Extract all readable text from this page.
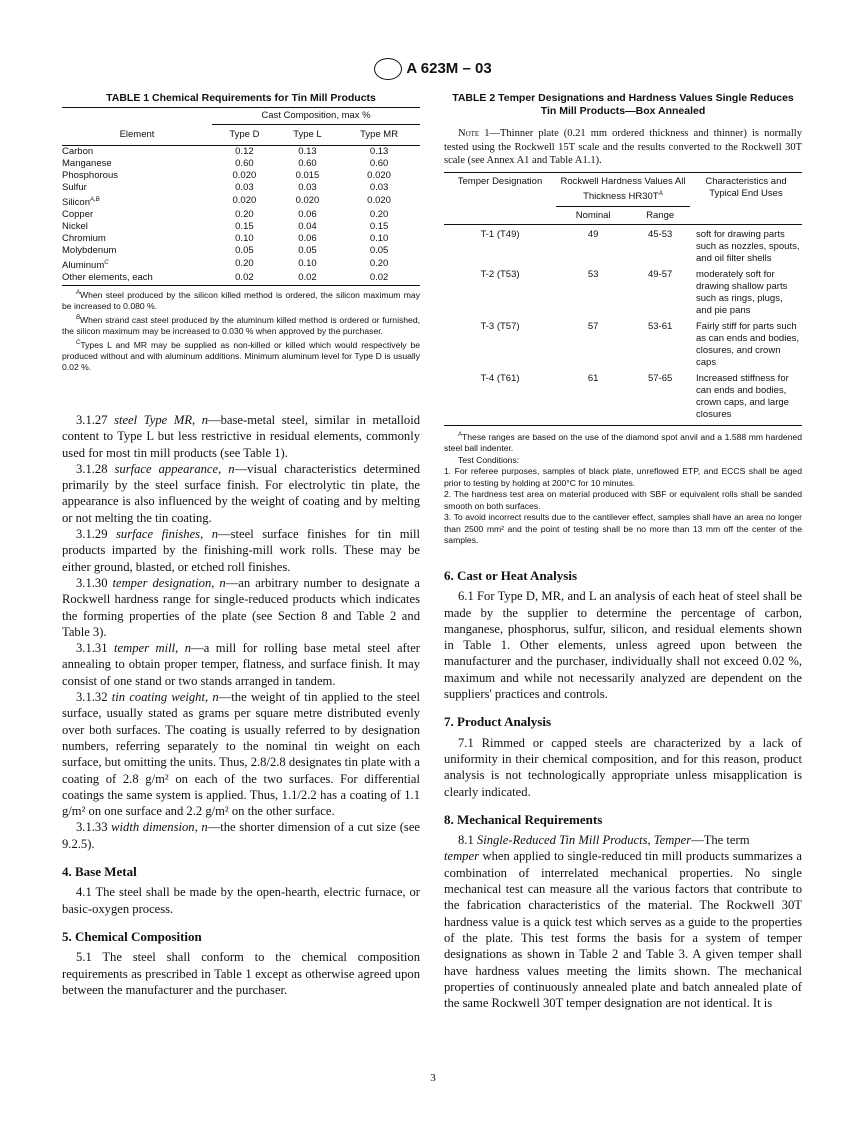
A 623M – 03
TABLE 1 Chemical Requirements for Tin Mill Products
	Cast Composition, max %		
Element	Type D	Type L	Type MR
Carbon	0.12	0.13	0.13
Manganese	0.60	0.60	0.60
Phosphorous	0.020	0.015	0.020
Sulfur	0.03	0.03	0.03
Silicon$^{A,B}$	0.020	0.020	0.020
Copper	0.20	0.06	0.20
Nickel	0.15	0.04	0.15
Chromium	0.10	0.06	0.10
Molybdenum	0.05	0.05	0.05
Aluminum$^C$	0.20	0.10	0.20
Other elements, each	0.02	0.02	0.02

$^A$When steel produced by the silicon killed method is ordered, the silicon maximum may be increased to 0.080 %.

$^B$When strand cast steel produced by the aluminum killed method is ordered or furnished, the silicon maximum may be increased to 0.030 % when approved by the purchaser.

$^C$Types L and MR may be supplied as non-killed or killed which would respectively be produced without and with aluminum additions. Minimum aluminum level for Type D is usually 0.02 %.

TABLE 2 Temper Designations and Hardness Values Single Reduces Tin Mill Products—Box Annealed
Note 1—Thinner plate (0.21 mm ordered thickness and thinner) is normally tested using the Rockwell 15T scale and the results converted to the Rockwell 30T scale (see Annex A1 and Table A1.1).
Temper Designation	Rockwell Hardness Values All Thickness $HR30T^A$		Characteristics and Typical End Uses
	Nominal	Range	
T-1 (T49)	49	45-53	soft for drawing parts such as nozzles, spouts, and oil filter shells
T-2 (T53)	53	49-57	moderately soft for drawing shallow parts such as rings, plugs, and pie pans
T-3 (T57)	57	53-61	Fairly stiff for parts such as can ends and bodies, closures, and crown caps
T-4 (T61)	61	57-65	Increased stiffness for can ends and bodies, crown caps, and large closures

$^A$These ranges are based on the use of the diamond spot anvil and a 1.588 mm hardened steel ball indenter.

Test Conditions:

1. For referee purposes, samples of black plate, unreflowed ETP, and ECCS shall be aged prior to testing by holding at 200°C for 10 minutes.

2. The hardness test area on material produced with SBF or equivalent rolls shall be sanded smooth on both surfaces.

3. To avoid incorrect results due to the cantilever effect, samples shall have an area no longer than 2500 mm² and the point of testing shall be no more than 13 mm off the center of the samples.

3.1.27 steel Type MR, n—base-metal steel, similar in metalloid content to Type L but less restrictive in residual elements, commonly used for most tin mill products (see Table 1).

3.1.28 surface appearance, n—visual characteristics determined primarily by the steel surface finish. For electrolytic tin plate, the appearance is also influenced by the weight of coating and by melting or not melting the tin coating.

3.1.29 surface finishes, n—steel surface finishes for tin mill products imparted by the finishing-mill work rolls. These may be either ground, blasted, or etched roll finishes.

3.1.30 temper designation, n—an arbitrary number to designate a Rockwell hardness range for single-reduced products which indicates the forming properties of the plate (see Section 8 and Table 2 and Table 3).

3.1.31 temper mill, n—a mill for rolling base metal steel after annealing to obtain proper temper, flatness, and surface finish. It may consist of one stand or two stands arranged in tandem.

3.1.32 tin coating weight, n—the weight of tin applied to the steel surface, usually stated as grams per square metre distributed evenly over both surfaces. The coating is usually referred to by designation numbers, referring separately to the nominal tin weight on each surface, but omitting the units. Thus, 2.8/2.8 designates tin plate with a coating of 2.8 g/m² on each of the two surfaces. For differential coatings the same system is applied. Thus, 1.1/2.2 has a coating of 1.1 g/m² on one surface and 2.2 g/m² on the other surface.

3.1.33 width dimension, n—the shorter dimension of a cut size (see 9.2.5).

4. Base Metal

4.1 The steel shall be made by the open-hearth, electric furnace, or basic-oxygen process.

5. Chemical Composition

5.1 The steel shall conform to the chemical composition requirements as prescribed in Table 1 except as otherwise agreed upon between the manufacturer and the purchaser.

6. Cast or Heat Analysis

6.1 For Type D, MR, and L an analysis of each heat of steel shall be made by the supplier to determine the percentage of carbon, manganese, phosphorus, sulfur, silicon, and residual elements shown in Table 1. Other elements, unless agreed upon between the manufacturer and the purchaser, individually shall not exceed 0.02 %, maximum and while not necessarily analyzed are dependent on the suppliers' practices and controls.

7. Product Analysis

7.1 Rimmed or capped steels are characterized by a lack of uniformity in their chemical composition, and for this reason, product analysis is not technologically appropriate unless misapplication is clearly indicated.

8. Mechanical Requirements

8.1 Single-Reduced Tin Mill Products, Temper—The term
temper when applied to single-reduced tin mill products summarizes a combination of interrelated mechanical properties. No single mechanical test can measure all the various factors that contribute to the fabrication characteristics of the material. The Rockwell 30T hardness value is a quick test which serves as a guide to the properties of the plate. This test forms the basis for a system of temper designations as shown in Table 2 and Table 3. A given temper shall have hardness values meeting the limits shown. The mechanical properties of continuously annealed plate and batch annealed plate of the same Rockwell 30T temper designation are not identical. It is

3
